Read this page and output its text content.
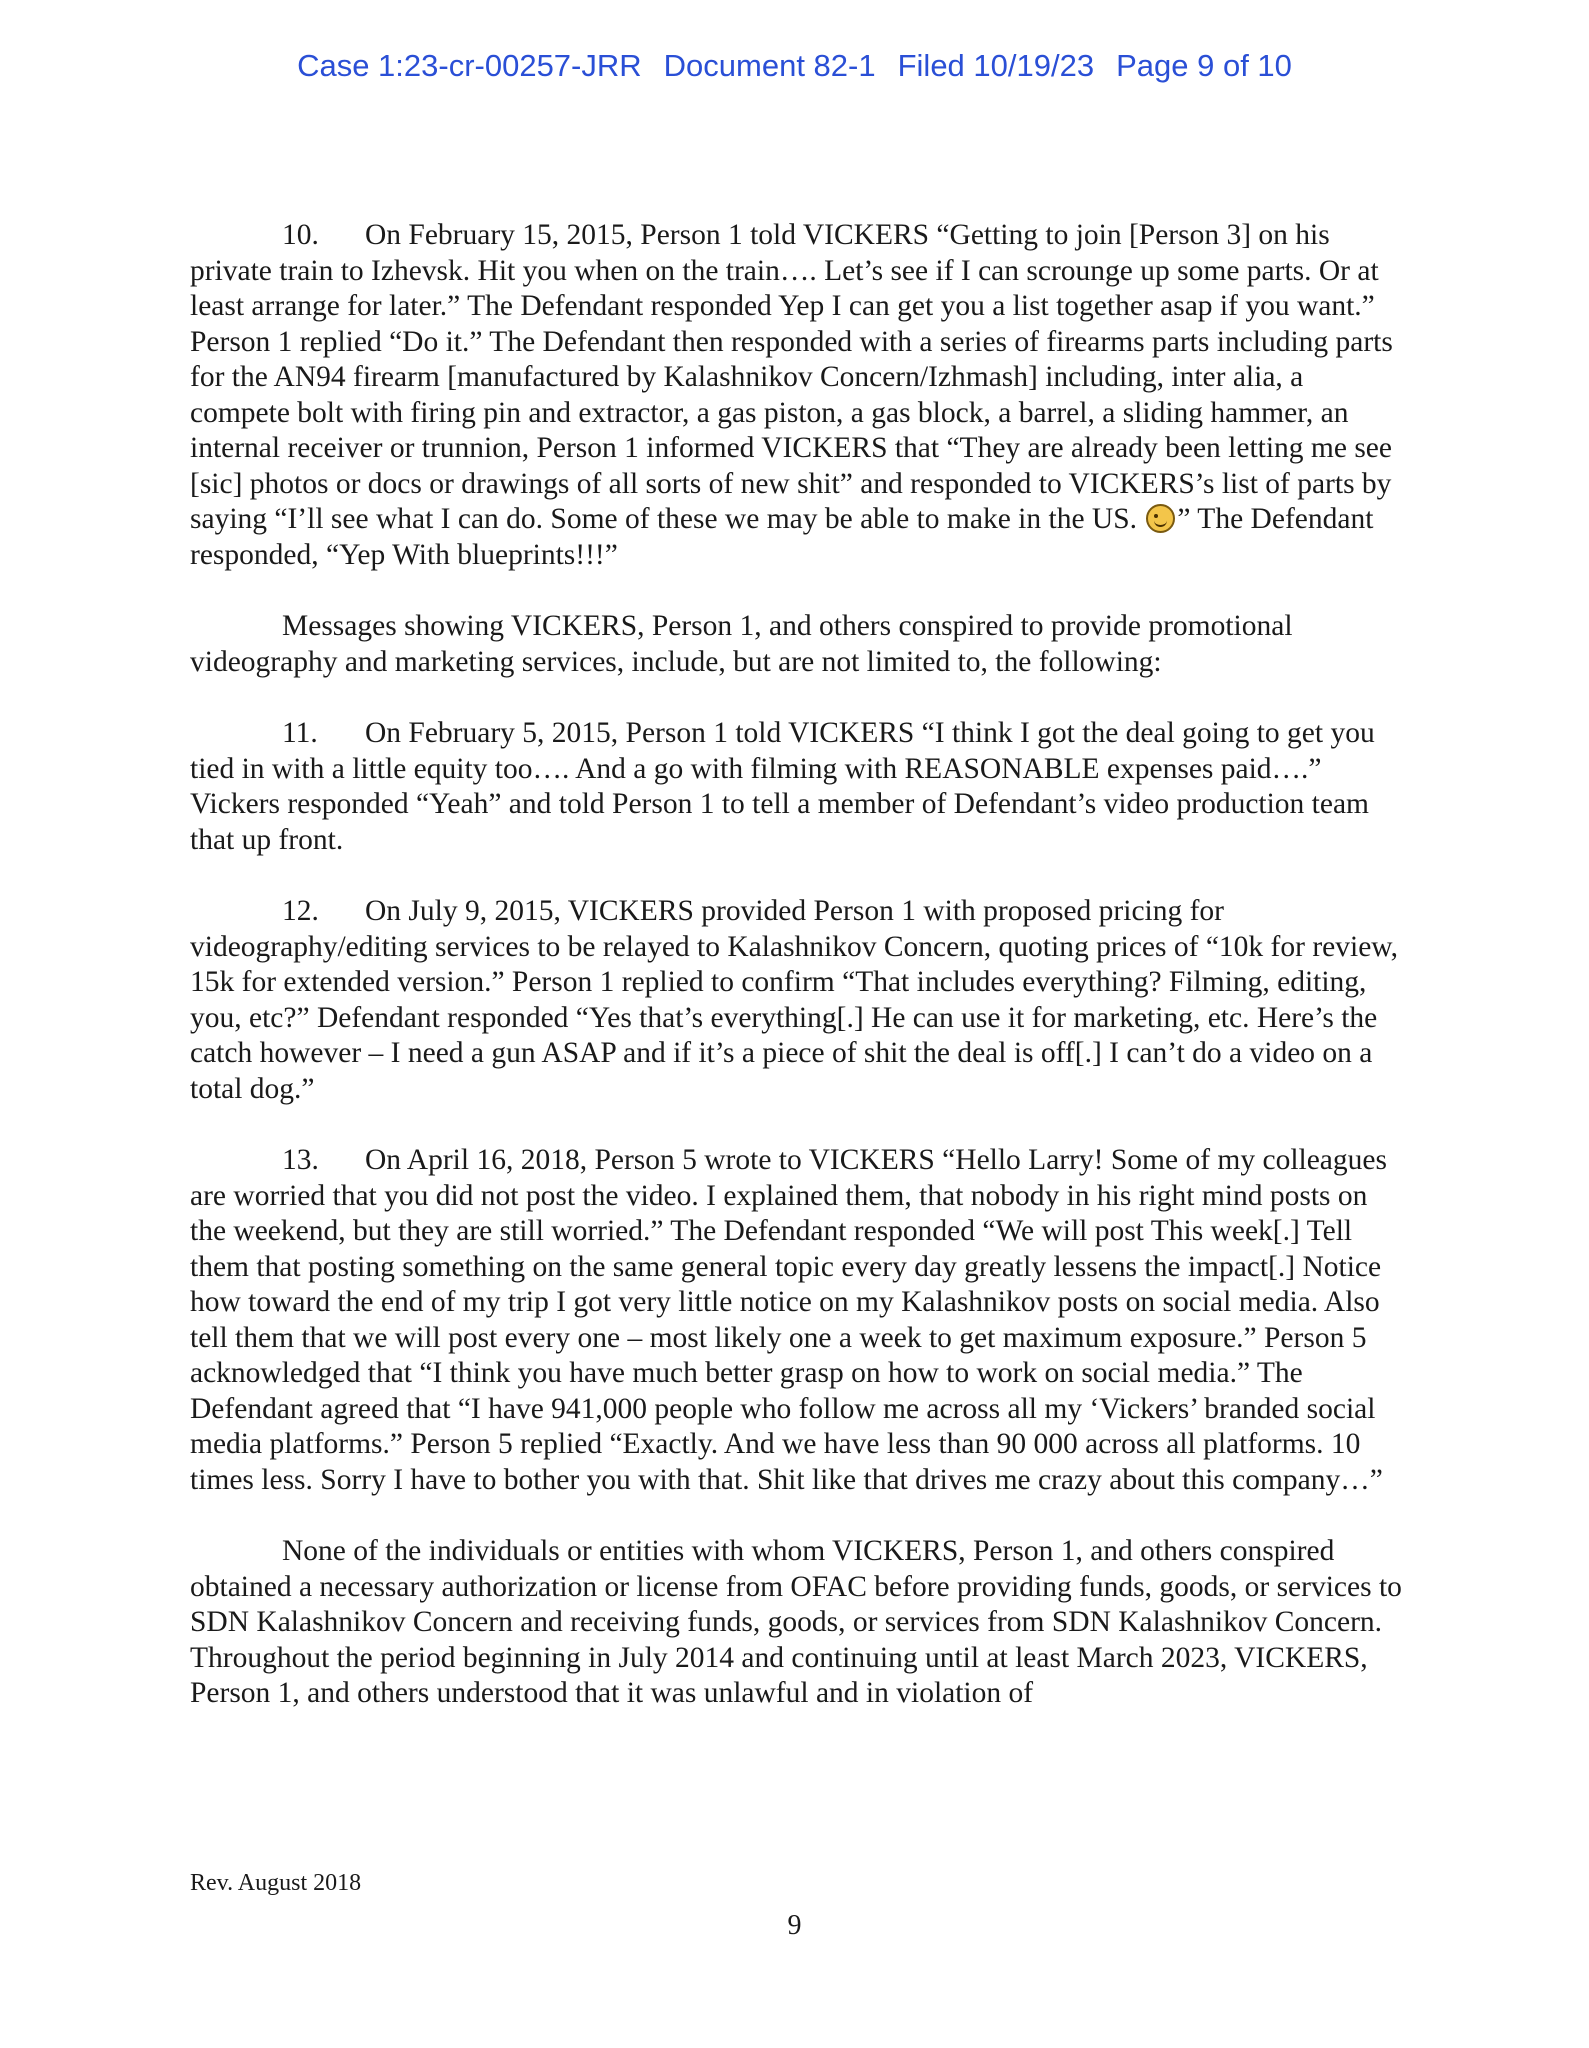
Case 1:23-cr-00257-JRR Document 82-1 Filed 10/19/23 Page 9 of 10

10. On February 15, 2015, Person 1 told VICKERS “Getting to join [Person 3] on his private train to Izhevsk. Hit you when on the train…. Let’s see if I can scrounge up some parts. Or at least arrange for later.” The Defendant responded Yep I can get you a list together asap if you want.” Person 1 replied “Do it.” The Defendant then responded with a series of firearms parts including parts for the AN94 firearm [manufactured by Kalashnikov Concern/Izhmash] including, inter alia, a compete bolt with firing pin and extractor, a gas piston, a gas block, a barrel, a sliding hammer, an internal receiver or trunnion, Person 1 informed VICKERS that “They are already been letting me see [sic] photos or docs or drawings of all sorts of new shit” and responded to VICKERS’s list of parts by saying “I’ll see what I can do. Some of these we may be able to make in the US. ” The Defendant responded, “Yep With blueprints!!!”

Messages showing VICKERS, Person 1, and others conspired to provide promotional videography and marketing services, include, but are not limited to, the following:

11. On February 5, 2015, Person 1 told VICKERS “I think I got the deal going to get you tied in with a little equity too…. And a go with filming with REASONABLE expenses paid….” Vickers responded “Yeah” and told Person 1 to tell a member of Defendant’s video production team that up front.

12. On July 9, 2015, VICKERS provided Person 1 with proposed pricing for videography/editing services to be relayed to Kalashnikov Concern, quoting prices of “10k for review, 15k for extended version.” Person 1 replied to confirm “That includes everything? Filming, editing, you, etc?” Defendant responded “Yes that’s everything[.] He can use it for marketing, etc. Here’s the catch however – I need a gun ASAP and if it’s a piece of shit the deal is off[.] I can’t do a video on a total dog.”

13. On April 16, 2018, Person 5 wrote to VICKERS “Hello Larry! Some of my colleagues are worried that you did not post the video. I explained them, that nobody in his right mind posts on the weekend, but they are still worried.” The Defendant responded “We will post This week[.] Tell them that posting something on the same general topic every day greatly lessens the impact[.] Notice how toward the end of my trip I got very little notice on my Kalashnikov posts on social media. Also tell them that we will post every one – most likely one a week to get maximum exposure.” Person 5 acknowledged that “I think you have much better grasp on how to work on social media.” The Defendant agreed that “I have 941,000 people who follow me across all my ‘Vickers’ branded social media platforms.” Person 5 replied “Exactly. And we have less than 90 000 across all platforms. 10 times less. Sorry I have to bother you with that. Shit like that drives me crazy about this company…”

None of the individuals or entities with whom VICKERS, Person 1, and others conspired obtained a necessary authorization or license from OFAC before providing funds, goods, or services to SDN Kalashnikov Concern and receiving funds, goods, or services from SDN Kalashnikov Concern. Throughout the period beginning in July 2014 and continuing until at least March 2023, VICKERS, Person 1, and others understood that it was unlawful and in violation of

Rev. August 2018
9
